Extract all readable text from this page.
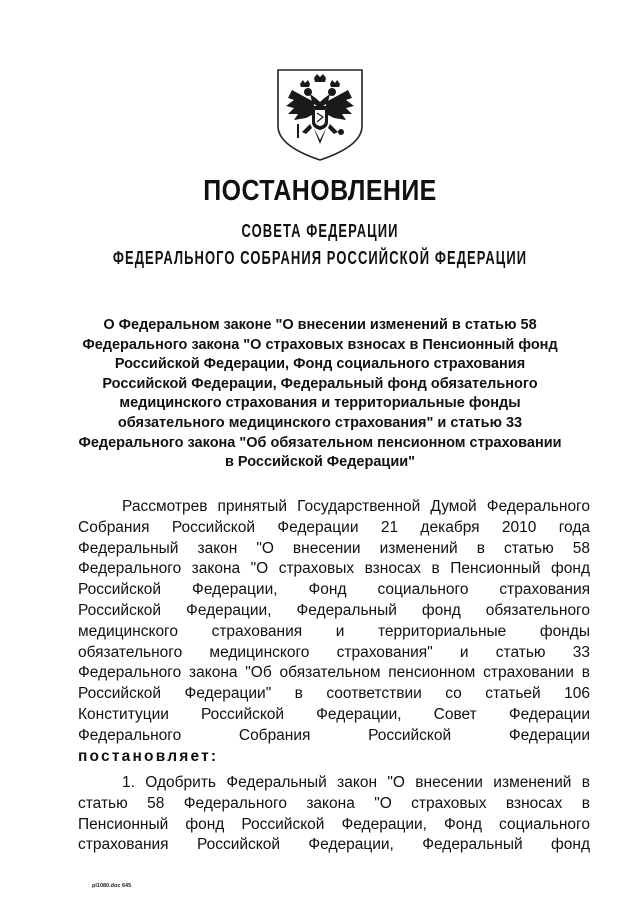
ПОСТАНОВЛЕНИЕ
СОВЕТА ФЕДЕРАЦИИ
ФЕДЕРАЛЬНОГО СОБРАНИЯ РОССИЙСКОЙ ФЕДЕРАЦИИ

О Федеральном законе "О внесении изменений в статью 58
Федерального закона "О страховых взносах в Пенсионный фонд
Российской Федерации, Фонд социального страхования
Российской Федерации, Федеральный фонд обязательного
медицинского страхования и территориальные фонды
обязательного медицинского страхования" и статью 33
Федерального закона "Об обязательном пенсионном страховании
в Российской Федерации"

Рассмотрев принятый Государственной Думой Федерального
Собрания Российской Федерации 21 декабря 2010 года
Федеральный закон "О внесении изменений в статью 58
Федерального закона "О страховых взносах в Пенсионный фонд
Российской Федерации, Фонд социального страхования
Российской Федерации, Федеральный фонд обязательного
медицинского страхования и территориальные фонды
обязательного медицинского страхования" и статью 33
Федерального закона "Об обязательном пенсионном страховании в
Российской Федерации" в соответствии со статьей 106
Конституции Российской Федерации, Совет Федерации
Федерального Собрания Российской Федерации
постановляет:
1. Одобрить Федеральный закон "О внесении изменений в
статью 58 Федерального закона "О страховых взносах в
Пенсионный фонд Российской Федерации, Фонд социального
страхования Российской Федерации, Федеральный фонд

pl1080.doc 645
